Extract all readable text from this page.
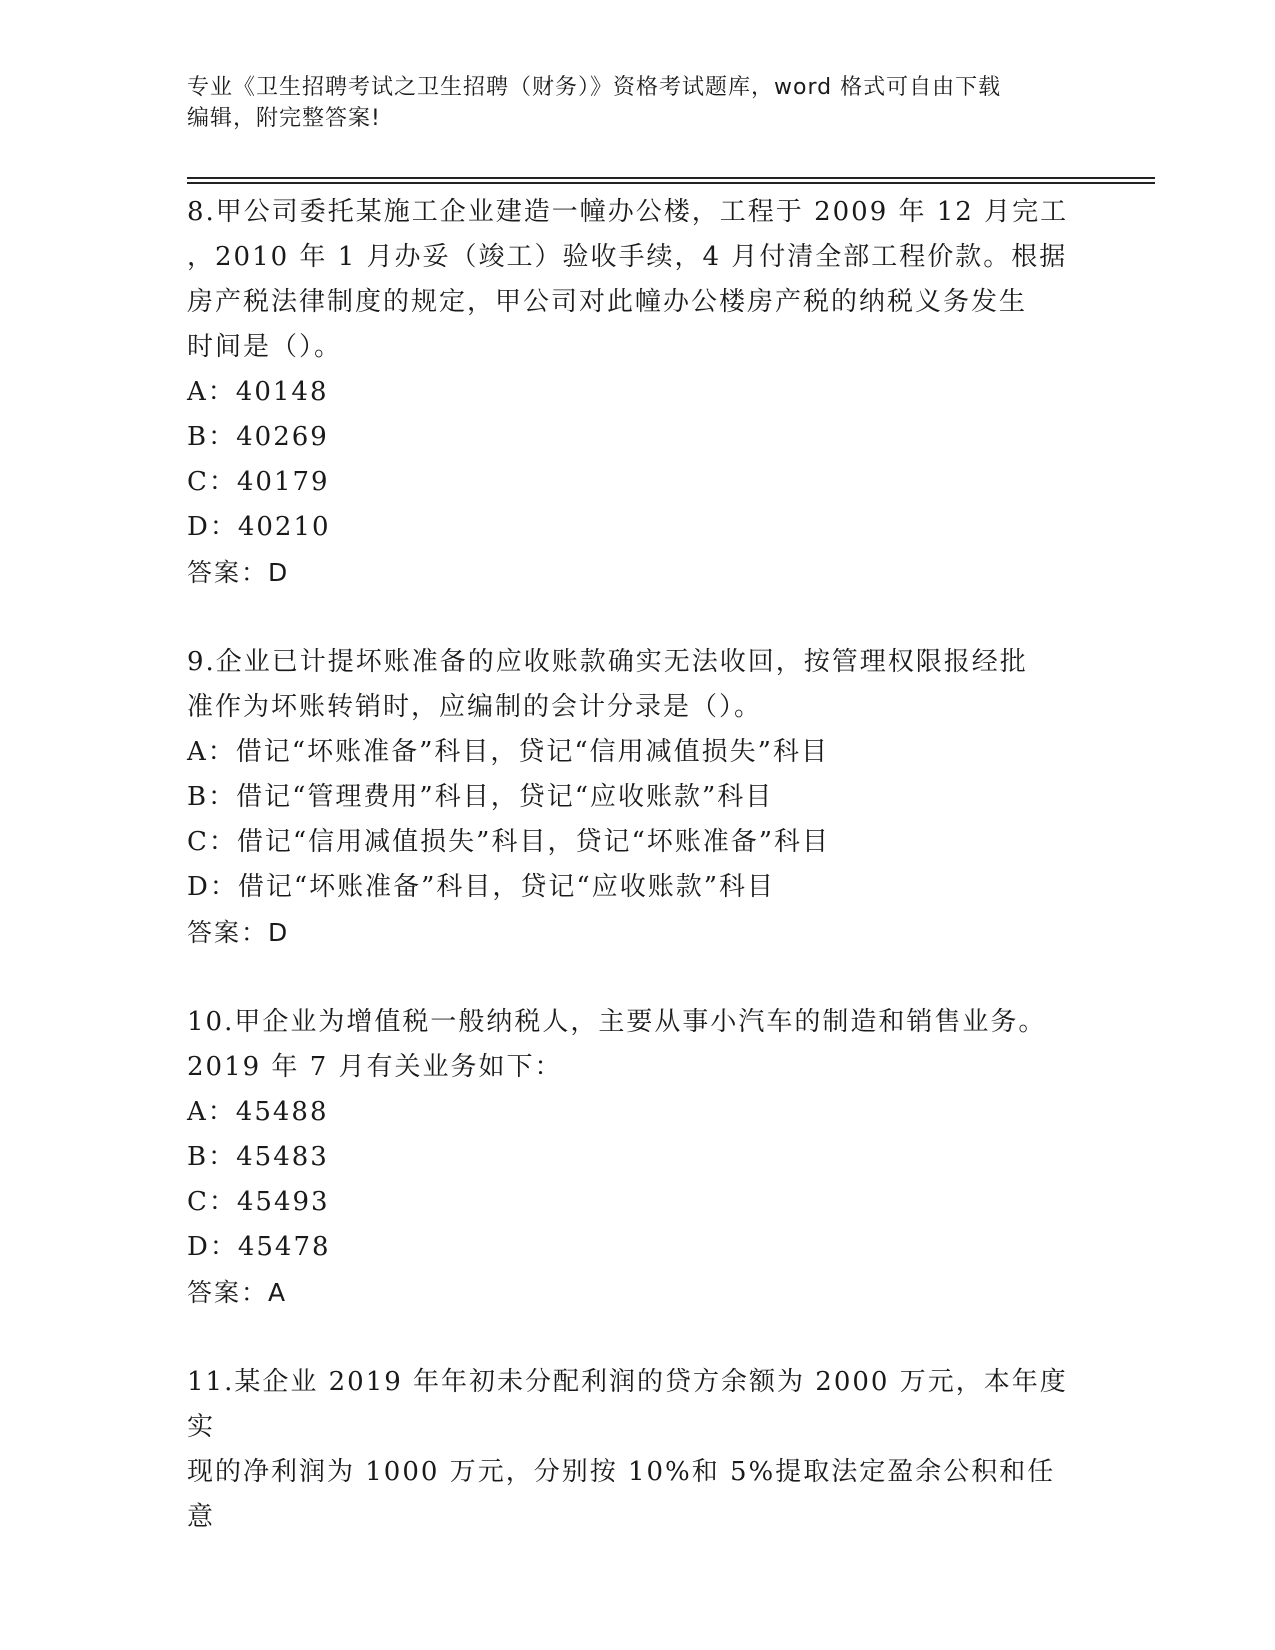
专业《卫生招聘考试之卫生招聘（财务）》资格考试题库，word 格式可自由下载
编辑，附完整答案!

8.甲公司委托某施工企业建造一幢办公楼，工程于 2009 年 12 月完工

，2010 年 1 月办妥（竣工）验收手续，4 月付清全部工程价款。根据

房产税法律制度的规定，甲公司对此幢办公楼房产税的纳税义务发生

时间是（）。

A：40148

B：40269

C：40179

D：40210

答案：D

9.企业已计提坏账准备的应收账款确实无法收回，按管理权限报经批

准作为坏账转销时，应编制的会计分录是（）。

A：借记“坏账准备”科目，贷记“信用减值损失”科目

B：借记“管理费用”科目，贷记“应收账款”科目

C：借记“信用减值损失”科目，贷记“坏账准备”科目

D：借记“坏账准备”科目，贷记“应收账款”科目

答案：D

10.甲企业为增值税一般纳税人，主要从事小汽车的制造和销售业务。

2019 年 7 月有关业务如下：

A：45488

B：45483

C：45493

D：45478

答案：A

11.某企业 2019 年年初未分配利润的贷方余额为 2000 万元，本年度实

现的净利润为 1000 万元，分别按 10%和 5%提取法定盈余公积和任意
